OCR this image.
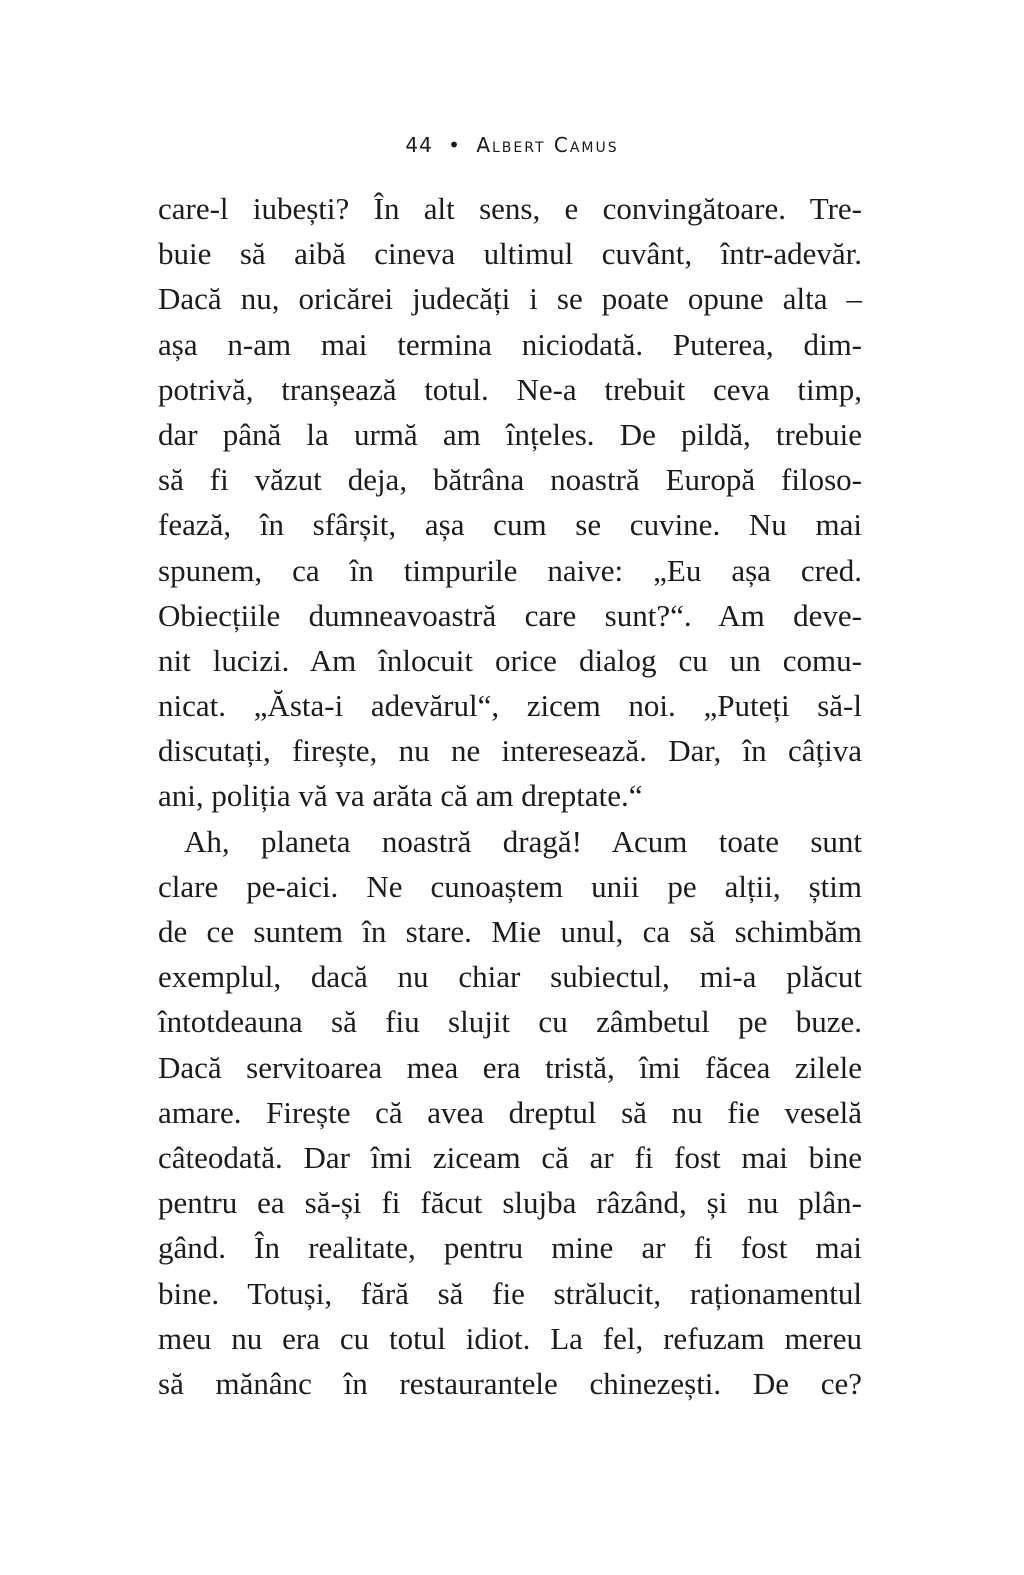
44 • Albert Camus
care-l iubești? În alt sens, e convingătoare. Tre-
buie să aibă cineva ultimul cuvânt, într-adevăr.
Dacă nu, oricărei judecăți i se poate opune alta –
așa n-am mai termina niciodată. Puterea, dim-
potrivă, tranșează totul. Ne-a trebuit ceva timp,
dar până la urmă am înțeles. De pildă, trebuie
să fi văzut deja, bătrâna noastră Europă filoso-
fează, în sfârșit, așa cum se cuvine. Nu mai
spunem, ca în timpurile naive: „Eu așa cred.
Obiecțiile dumneavoastră care sunt?“. Am deve-
nit lucizi. Am înlocuit orice dialog cu un comu-
nicat. „Ăsta-i adevărul“, zicem noi. „Puteți să-l
discutați, firește, nu ne interesează. Dar, în câțiva
ani, poliția vă va arăta că am dreptate.“
Ah, planeta noastră dragă! Acum toate sunt
clare pe-aici. Ne cunoaștem unii pe alții, știm
de ce suntem în stare. Mie unul, ca să schimbăm
exemplul, dacă nu chiar subiectul, mi-a plăcut
întotdeauna să fiu slujit cu zâmbetul pe buze.
Dacă servitoarea mea era tristă, îmi făcea zilele
amare. Firește că avea dreptul să nu fie veselă
câteodată. Dar îmi ziceam că ar fi fost mai bine
pentru ea să-și fi făcut slujba râzând, și nu plân-
gând. În realitate, pentru mine ar fi fost mai
bine. Totuși, fără să fie strălucit, raționamentul
meu nu era cu totul idiot. La fel, refuzam mereu
să mănânc în restaurantele chinezești. De ce?
